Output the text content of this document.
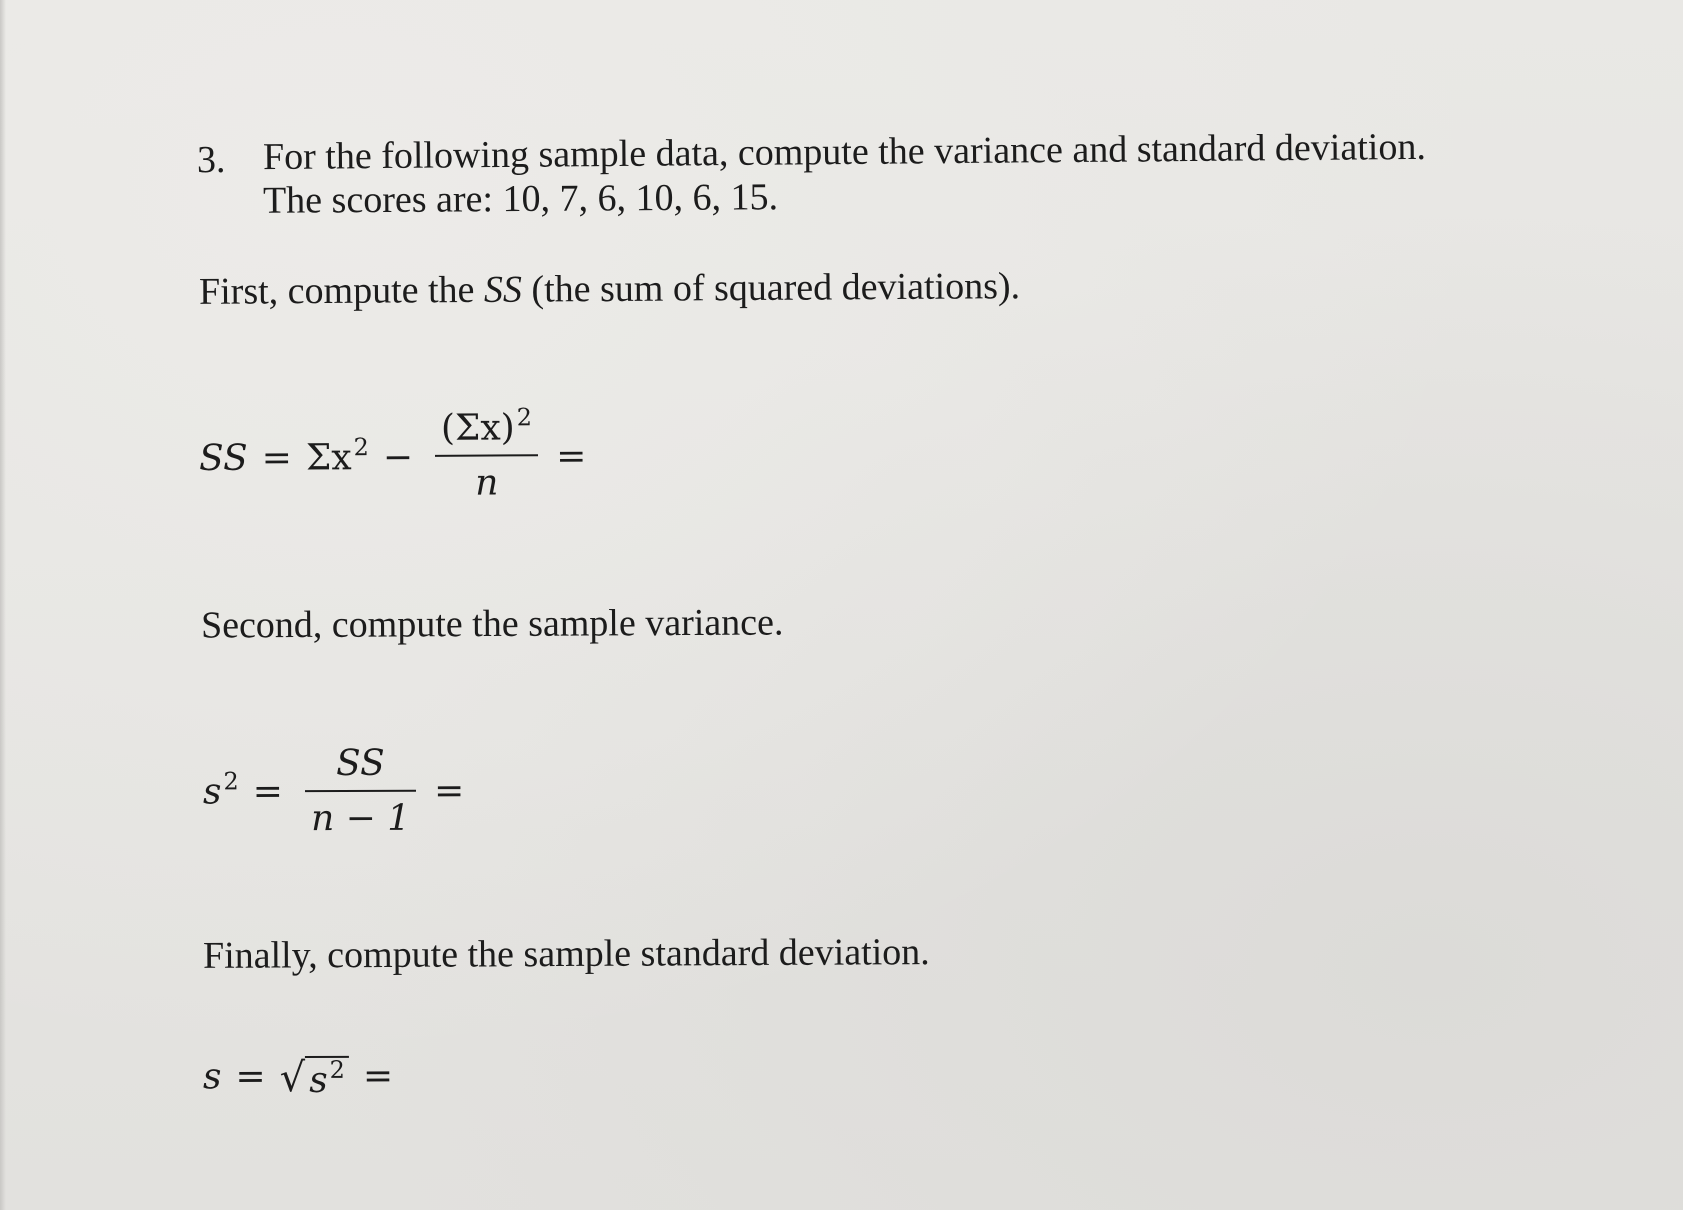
3. For the following sample data, compute the variance and standard deviation.
The scores are: 10, 7, 6, 10, 6, 15.
First, compute the SS (the sum of squared deviations).
SS = $\Sigma x^2 - \frac{(\Sigma x)^2}{n}$ =
Second, compute the sample variance.
$s^2 = \frac{SS}{n - 1}$ =
Finally, compute the sample standard deviation.
s = √ $s^2$ =
